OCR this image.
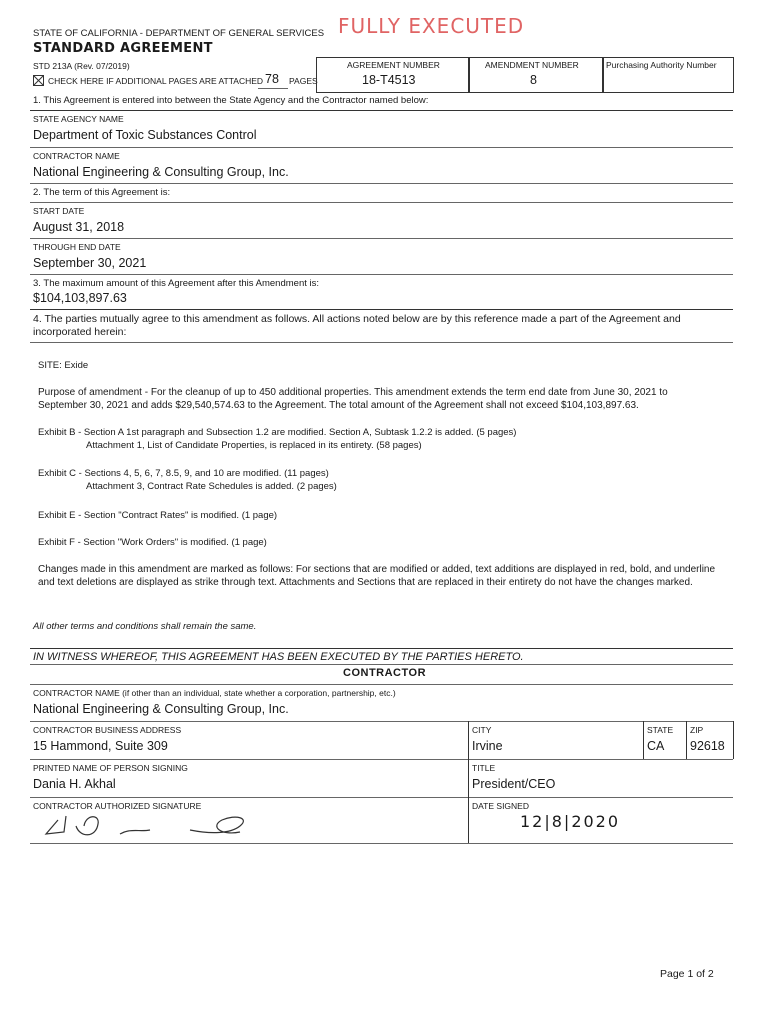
STATE OF CALIFORNIA - DEPARTMENT OF GENERAL SERVICES FULLY EXECUTED
STANDARD AGREEMENT
STD 213A (Rev. 07/2019)
CHECK HERE IF ADDITIONAL PAGES ARE ATTACHED 78 PAGES
AGREEMENT NUMBER
18-T4513
AMENDMENT NUMBER
8
Purchasing Authority Number
1. This Agreement is entered into between the State Agency and the Contractor named below:
STATE AGENCY NAME
Department of Toxic Substances Control
CONTRACTOR NAME
National Engineering & Consulting Group, Inc.
2. The term of this Agreement is:
START DATE
August 31, 2018
THROUGH END DATE
September 30, 2021
3. The maximum amount of this Agreement after this Amendment is:
$104,103,897.63
4. The parties mutually agree to this amendment as follows. All actions noted below are by this reference made a part of the Agreement and incorporated herein:
SITE: Exide
Purpose of amendment - For the cleanup of up to 450 additional properties. This amendment extends the term end date from June 30, 2021 to September 30, 2021 and adds $29,540,574.63 to the Agreement. The total amount of the Agreement shall not exceed $104,103,897.63.
Exhibit B - Section A 1st paragraph and Subsection 1.2 are modified. Section A, Subtask 1.2.2 is added. (5 pages)
Attachment 1, List of Candidate Properties, is replaced in its entirety. (58 pages)
Exhibit C - Sections 4, 5, 6, 7, 8.5, 9, and 10 are modified. (11 pages)
Attachment 3, Contract Rate Schedules is added. (2 pages)
Exhibit E - Section "Contract Rates" is modified. (1 page)
Exhibit F - Section "Work Orders" is modified. (1 page)
Changes made in this amendment are marked as follows: For sections that are modified or added, text additions are displayed in red, bold, and underline and text deletions are displayed as strike through text. Attachments and Sections that are replaced in their entirety do not have the changes marked.
All other terms and conditions shall remain the same.
IN WITNESS WHEREOF, THIS AGREEMENT HAS BEEN EXECUTED BY THE PARTIES HERETO.
CONTRACTOR
CONTRACTOR NAME (if other than an individual, state whether a corporation, partnership, etc.)
National Engineering & Consulting Group, Inc.
CONTRACTOR BUSINESS ADDRESS
15 Hammond, Suite 309
CITY
Irvine
STATE
CA
ZIP
92618
PRINTED NAME OF PERSON SIGNING
Dania H. Akhal
TITLE
President/CEO
CONTRACTOR AUTHORIZED SIGNATURE	DATE SIGNED
12|8|2020
Page 1 of 2
